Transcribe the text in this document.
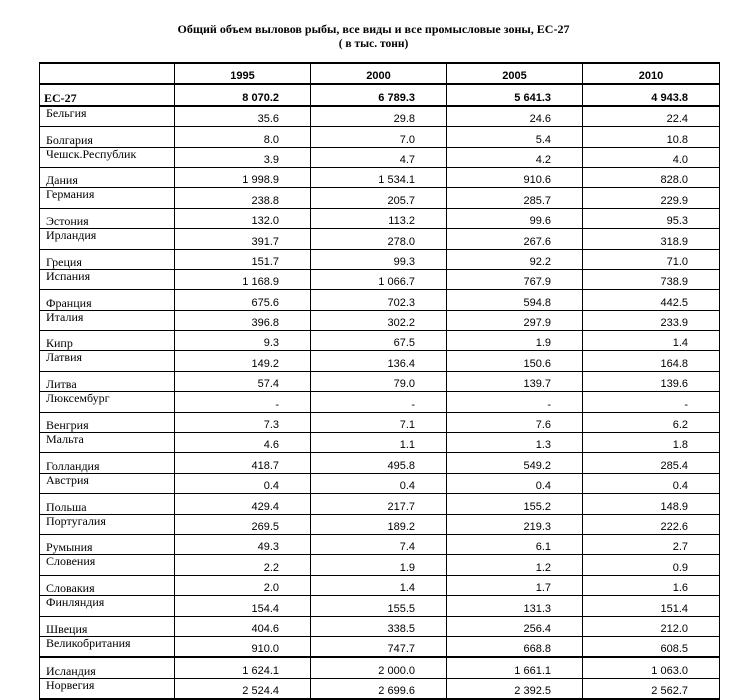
Общий объем выловов рыбы, все виды и все промысловые зоны, ЕС-27
( в тыс. тонн)
	1995	2000	2005	2010
ЕС-27	8 070.2	6 789.3	5 641.3	4 943.8
Бельгия	35.6	29.8	24.6	22.4
Болгария	8.0	7.0	5.4	10.8
Чешск.Республик	3.9	4.7	4.2	4.0
Дания	1 998.9	1 534.1	910.6	828.0
Германия	238.8	205.7	285.7	229.9
Эстония	132.0	113.2	99.6	95.3
Ирландия	391.7	278.0	267.6	318.9
Греция	151.7	99.3	92.2	71.0
Испания	1 168.9	1 066.7	767.9	738.9
Франция	675.6	702.3	594.8	442.5
Италия	396.8	302.2	297.9	233.9
Кипр	9.3	67.5	1.9	1.4
Латвия	149.2	136.4	150.6	164.8
Литва	57.4	79.0	139.7	139.6
Люксембург	-	-	-	-
Венгрия	7.3	7.1	7.6	6.2
Мальта	4.6	1.1	1.3	1.8
Голландия	418.7	495.8	549.2	285.4
Австрия	0.4	0.4	0.4	0.4
Польша	429.4	217.7	155.2	148.9
Португалия	269.5	189.2	219.3	222.6
Румыния	49.3	7.4	6.1	2.7
Словения	2.2	1.9	1.2	0.9
Словакия	2.0	1.4	1.7	1.6
Финляндия	154.4	155.5	131.3	151.4
Швеция	404.6	338.5	256.4	212.0
Великобритания	910.0	747.7	668.8	608.5
Исландия	1 624.1	2 000.0	1 661.1	1 063.0
Норвегия	2 524.4	2 699.6	2 392.5	2 562.7
